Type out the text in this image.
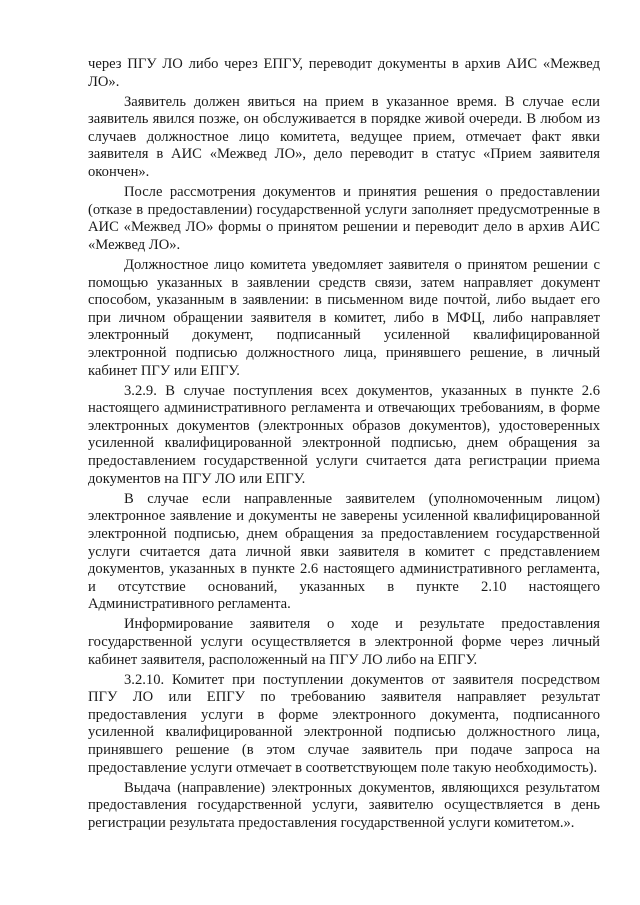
через ПГУ ЛО либо через ЕПГУ, переводит документы в архив АИС «Межвед ЛО».

Заявитель должен явиться на прием в указанное время. В случае если заявитель явился позже, он обслуживается в порядке живой очереди. В любом из случаев должностное лицо комитета, ведущее прием, отмечает факт явки заявителя в АИС «Межвед ЛО», дело переводит в статус «Прием заявителя окончен».

После рассмотрения документов и принятия решения о предоставлении (отказе в предоставлении) государственной услуги заполняет предусмотренные в АИС «Межвед ЛО» формы о принятом решении и переводит дело в архив АИС «Межвед ЛО».

Должностное лицо комитета уведомляет заявителя о принятом решении с помощью указанных в заявлении средств связи, затем направляет документ способом, указанным в заявлении: в письменном виде почтой, либо выдает его при личном обращении заявителя в комитет, либо в МФЦ, либо направляет электронный документ, подписанный усиленной квалифицированной электронной подписью должностного лица, принявшего решение, в личный кабинет ПГУ или ЕПГУ.

3.2.9. В случае поступления всех документов, указанных в пункте 2.6 настоящего административного регламента и отвечающих требованиям, в форме электронных документов (электронных образов документов), удостоверенных усиленной квалифицированной электронной подписью, днем обращения за предоставлением государственной услуги считается дата регистрации приема документов на ПГУ ЛО или ЕПГУ.

В случае если направленные заявителем (уполномоченным лицом) электронное заявление и документы не заверены усиленной квалифицированной электронной подписью, днем обращения за предоставлением государственной услуги считается дата личной явки заявителя в комитет с представлением документов, указанных в пункте 2.6 настоящего административного регламента, и отсутствие оснований, указанных в пункте 2.10 настоящего Административного регламента.

Информирование заявителя о ходе и результате предоставления государственной услуги осуществляется в электронной форме через личный кабинет заявителя, расположенный на ПГУ ЛО либо на ЕПГУ.

3.2.10. Комитет при поступлении документов от заявителя посредством ПГУ ЛО или ЕПГУ по требованию заявителя направляет результат предоставления услуги в форме электронного документа, подписанного усиленной квалифицированной электронной подписью должностного лица, принявшего решение (в этом случае заявитель при подаче запроса на предоставление услуги отмечает в соответствующем поле такую необходимость).

Выдача (направление) электронных документов, являющихся результатом предоставления государственной услуги, заявителю осуществляется в день регистрации результата предоставления государственной услуги комитетом.».
